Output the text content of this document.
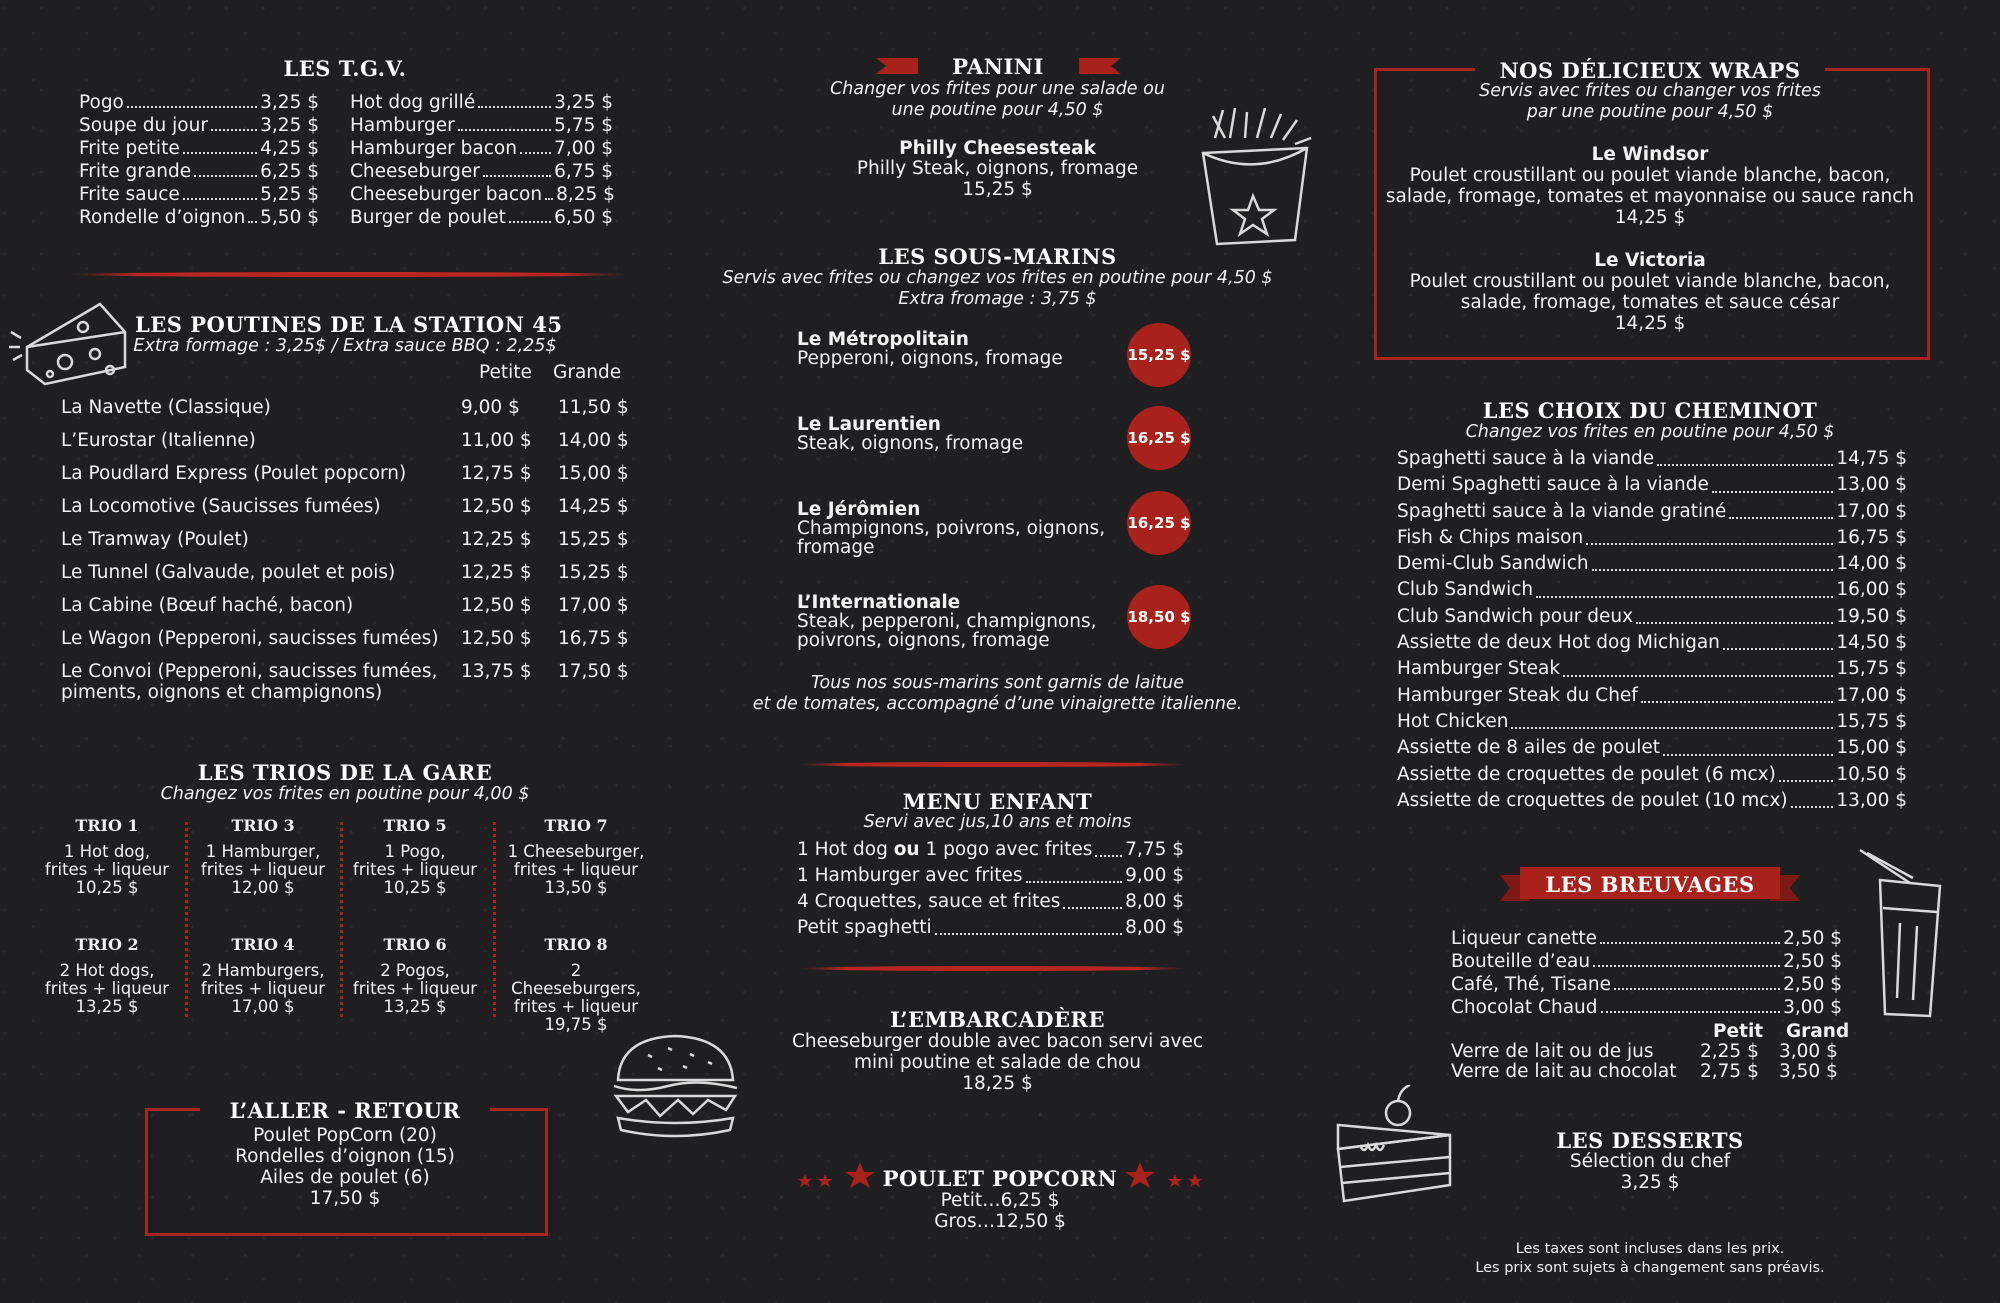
LES T.G.V.
Pogo	3,25 $
Soupe du jour	3,25 $
Frite petite	4,25 $
Frite grande	6,25 $
Frite sauce	5,25 $
Rondelle d’oignon 5,50 $
Hot dog grillé	3,25 $
Hamburger	5,75 $
Hamburger bacon 7,00 $
Cheeseburger	6,75 $
Cheeseburger bacon 8,25 $
Burger de poulet	6,50 $
LES POUTINES DE LA STATION 45
Extra formage : 3,25$ / Extra sauce BBQ : 2,25$
Petite	Grande
La Navette (Classique)	9,00 $	11,50 $
L’Eurostar (Italienne)	11,00 $	14,00 $
La Poudlard Express (Poulet popcorn)	12,75 $	15,00 $
La Locomotive (Saucisses fumées)	12,50 $	14,25 $
Le Tramway (Poulet)	12,25 $	15,25 $
Le Tunnel (Galvaude, poulet et pois)	12,25 $	15,25 $
La Cabine (Bœuf haché, bacon)	12,50 $	17,00 $
Le Wagon (Pepperoni, saucisses fumées) 12,50 $	16,75 $
Le Convoi (Pepperoni, saucisses fumées,
piments, oignons et champignons)
13,75 $	17,50 $
LES TRIOS DE LA GARE
Changez vos frites en poutine pour 4,00 $
TRIO 1
1 Hot dog,
frites + liqueur
10,25 $
TRIO 3
1 Hamburger,
frites + liqueur
12,00 $
TRIO 5
1 Pogo,
frites + liqueur
10,25 $
TRIO 7
1 Cheeseburger,
frites + liqueur
13,50 $
TRIO 2
2 Hot dogs,
frites + liqueur
13,25 $
TRIO 4
2 Hamburgers,
frites + liqueur
17,00 $
TRIO 6
2 Pogos,
frites + liqueur
13,25 $
TRIO 8
2 Cheeseburgers,
frites + liqueur
19,75 $
L’ALLER - RETOUR
Poulet PopCorn (20)
Rondelles d’oignon (15)
Ailes de poulet (6)
17,50 $
PANINI
Changer vos frites pour une salade ou
une poutine pour 4,50 $
Philly Cheesesteak
Philly Steak, oignons, fromage
15,25 $
LES SOUS-MARINS
Servis avec frites ou changez vos frites en poutine pour 4,50 $
Extra fromage : 3,75 $
Le Métropolitain
Pepperoni, oignons, fromage	15,25 $
Le Laurentien
Steak, oignons, fromage	16,25 $
Le Jérômien
Champignons, poivrons, oignons,
fromage
16,25 $
L’Internationale
Steak, pepperoni, champignons,
poivrons, oignons, fromage
18,50 $
Tous nos sous-marins sont garnis de laitue
et de tomates, accompagné d’une vinaigrette italienne.
MENU ENFANT
Servi avec jus,10 ans et moins
1 Hot dog ou 1 pogo avec frites 7,75 $
1 Hamburger avec frites	9,00 $
4 Croquettes, sauce et frites	8,00 $
Petit spaghetti	8,00 $
L’EMBARCADÈRE
Cheeseburger double avec bacon servi avec
mini poutine et salade de chou
18,25 $
POULET POPCORN
Petit…6,25 $
Gros…12,50 $
NOS DÉLICIEUX WRAPS
Servis avec frites ou changer vos frites
par une poutine pour 4,50 $
Le Windsor
Poulet croustillant ou poulet viande blanche, bacon,
salade, fromage, tomates et mayonnaise ou sauce ranch
14,25 $
Le Victoria
Poulet croustillant ou poulet viande blanche, bacon,
salade, fromage, tomates et sauce césar
14,25 $
LES CHOIX DU CHEMINOT
Changez vos frites en poutine pour 4,50 $
Spaghetti sauce à la viande	14,75 $
Demi Spaghetti sauce à la viande	13,00 $
Spaghetti sauce à la viande gratiné	17,00 $
Fish & Chips maison	16,75 $
Demi-Club Sandwich	14,00 $
Club Sandwich	16,00 $
Club Sandwich pour deux	19,50 $
Assiette de deux Hot dog Michigan	14,50 $
Hamburger Steak	15,75 $
Hamburger Steak du Chef	17,00 $
Hot Chicken	15,75 $
Assiette de 8 ailes de poulet	15,00 $
Assiette de croquettes de poulet (6 mcx)	10,50 $
Assiette de croquettes de poulet (10 mcx)	13,00 $
LES BREUVAGES
Liqueur canette	2,50 $
Bouteille d’eau	2,50 $
Café, Thé, Tisane	2,50 $
Chocolat Chaud	3,00 $
Petit Grand
Verre de lait ou de jus	2,25 $ 3,00 $
Verre de lait au chocolat 2,75 $ 3,50 $
LES DESSERTS
Sélection du chef
3,25 $
Les taxes sont incluses dans les prix.
Les prix sont sujets à changement sans préavis.
